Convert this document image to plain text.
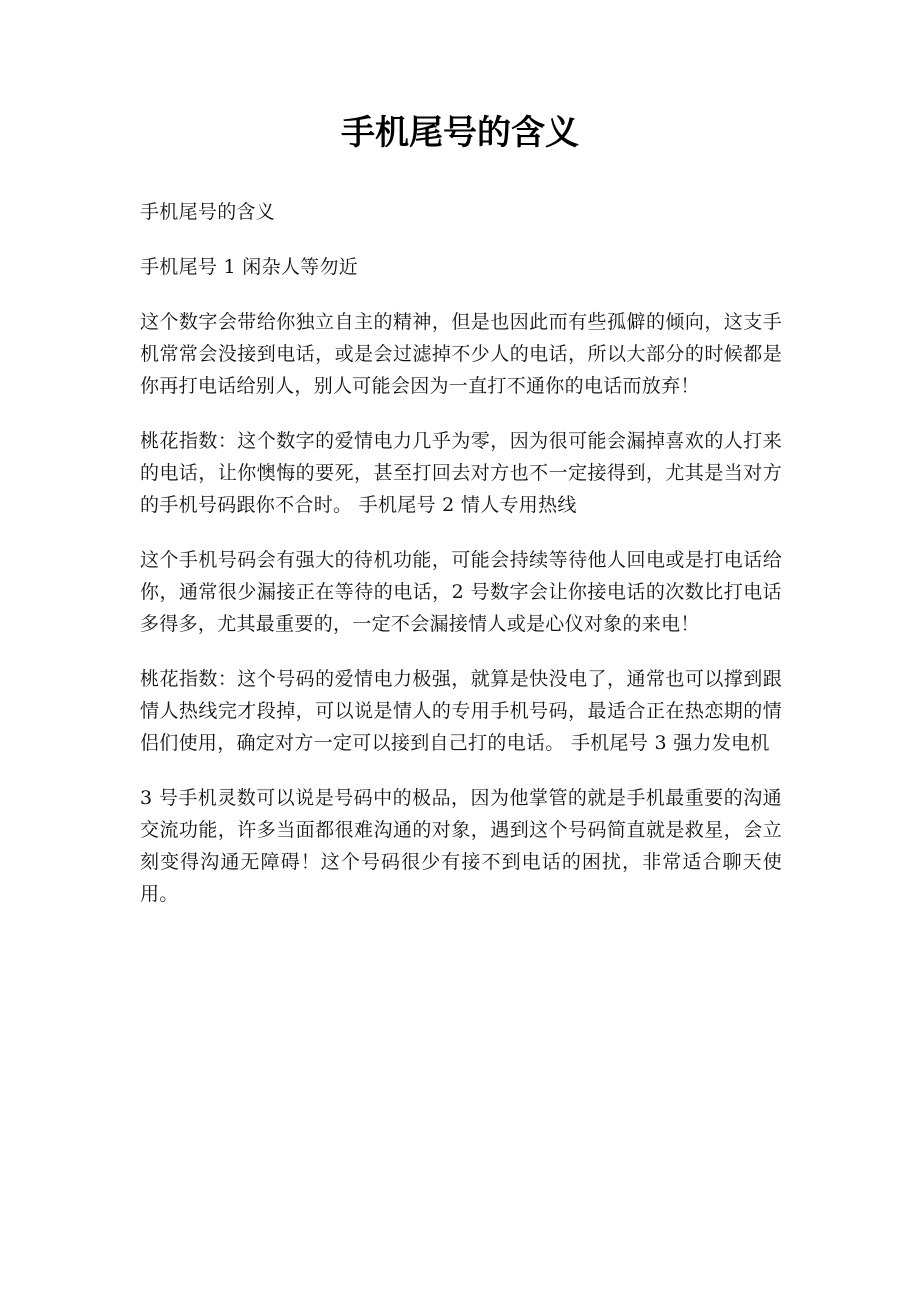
手机尾号的含义

手机尾号的含义

手机尾号 1 闲杂人等勿近

这个数字会带给你独立自主的精神，但是也因此而有些孤僻的倾向，这支手机常常会没接到电话，或是会过滤掉不少人的电话，所以大部分的时候都是你再打电话给别人，别人可能会因为一直打不通你的电话而放弃！

桃花指数：这个数字的爱情电力几乎为零，因为很可能会漏掉喜欢的人打来的电话，让你懊悔的要死，甚至打回去对方也不一定接得到，尤其是当对方的手机号码跟你不合时。 手机尾号 2 情人专用热线

这个手机号码会有强大的待机功能，可能会持续等待他人回电或是打电话给你，通常很少漏接正在等待的电话，2 号数字会让你接电话的次数比打电话多得多，尤其最重要的，一定不会漏接情人或是心仪对象的来电！

桃花指数：这个号码的爱情电力极强，就算是快没电了，通常也可以撑到跟情人热线完才段掉，可以说是情人的专用手机号码，最适合正在热恋期的情侣们使用，确定对方一定可以接到自己打的电话。 手机尾号 3 强力发电机

3 号手机灵数可以说是号码中的极品，因为他掌管的就是手机最重要的沟通交流功能，许多当面都很难沟通的对象，遇到这个号码简直就是救星，会立刻变得沟通无障碍！这个号码很少有接不到电话的困扰，非常适合聊天使用。
